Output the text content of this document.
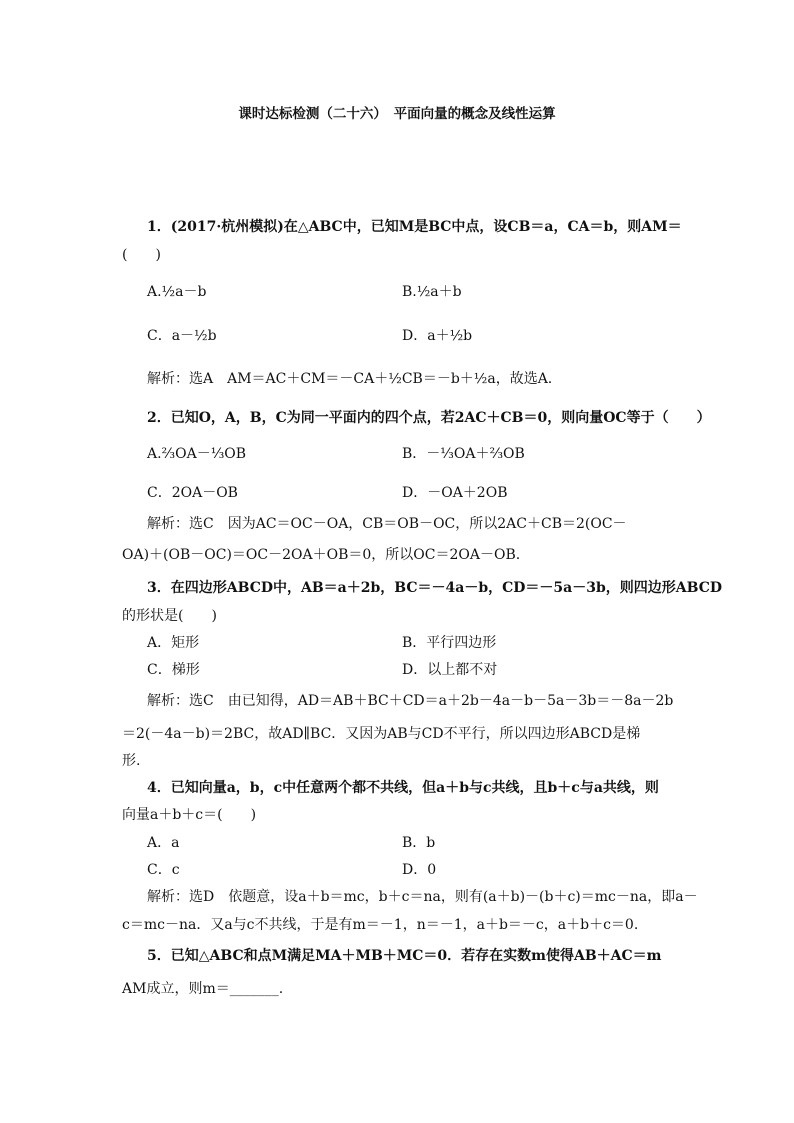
课时达标检测（二十六）　平面向量的概念及线性运算
1．(2017·杭州模拟)在△ABC中，已知M是BC中点，设CB＝a，CA＝b，则AM＝
(　　)
A.½a－b	B.½a＋b
C．a－½b	D．a＋½b
解析：选A　AM＝AC＋CM＝－CA＋½CB＝－b＋½a，故选A.
2．已知O，A，B，C为同一平面内的四个点，若2AC＋CB＝0，则向量OC等于（　　）
A.⅔OA－⅓OB	B．－⅓OA＋⅔OB
C．2OA－OB	D．－OA＋2OB
解析：选C　因为AC＝OC－OA，CB＝OB－OC，所以2AC＋CB＝2(OC－
OA)＋(OB－OC)＝OC－2OA＋OB＝0，所以OC＝2OA－OB.
3．在四边形ABCD中，AB＝a＋2b，BC＝－4a－b，CD＝－5a－3b，则四边形ABCD
的形状是(　　)
A．矩形	B．平行四边形
C．梯形	D．以上都不对
解析：选C　由已知得，AD＝AB＋BC＋CD＝a＋2b－4a－b－5a－3b＝－8a－2b
＝2(－4a－b)＝2BC，故AD∥BC．又因为AB与CD不平行，所以四边形ABCD是梯
形.
4．已知向量a，b，c中任意两个都不共线，但a＋b与c共线，且b＋c与a共线，则
向量a＋b＋c＝(　　)
A．a	B．b
C．c	D．0
解析：选D　依题意，设a＋b＝mc，b＋c＝na，则有(a＋b)－(b＋c)＝mc－na，即a－
c＝mc－na．又a与c不共线，于是有m＝－1，n＝－1，a＋b＝－c，a＋b＋c＝0.
5．已知△ABC和点M满足MA＋MB＋MC＝0．若存在实数m使得AB＋AC＝m
AM成立，则m＝_______.
